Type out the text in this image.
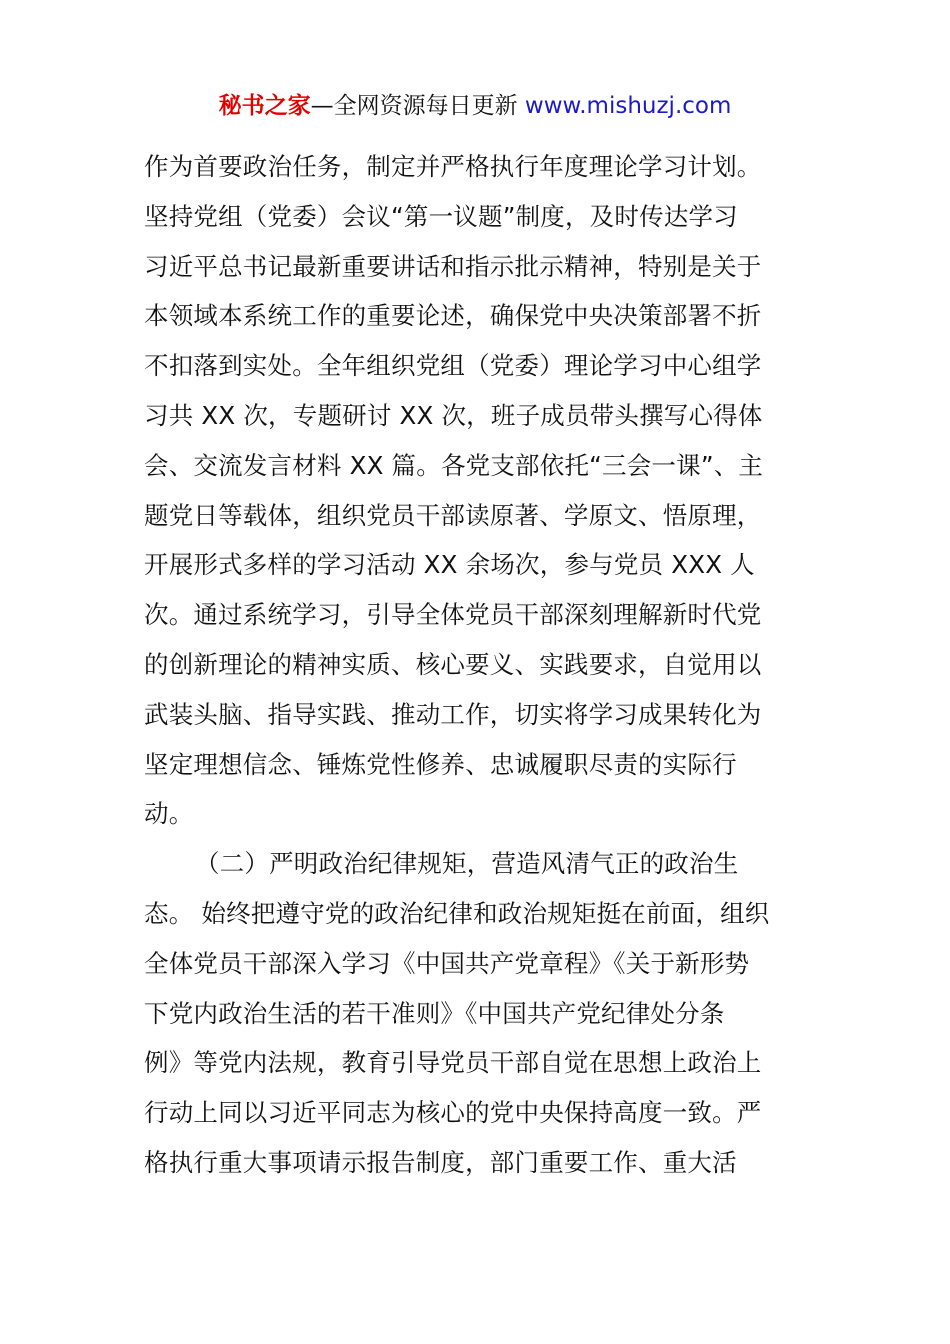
秘书之家—全网资源每日更新 www.mishuzj.com
作为首要政治任务，制定并严格执行年度理论学习计划。
坚持党组（党委）会议“第一议题”制度，及时传达学习
习近平总书记最新重要讲话和指示批示精神，特别是关于
本领域本系统工作的重要论述，确保党中央决策部署不折
不扣落到实处。全年组织党组（党委）理论学习中心组学
习共 XX 次，专题研讨 XX 次，班子成员带头撰写心得体
会、交流发言材料 XX 篇。各党支部依托“三会一课”、主
题党日等载体，组织党员干部读原著、学原文、悟原理，
开展形式多样的学习活动 XX 余场次，参与党员 XXX 人
次。通过系统学习，引导全体党员干部深刻理解新时代党
的创新理论的精神实质、核心要义、实践要求，自觉用以
武装头脑、指导实践、推动工作，切实将学习成果转化为
坚定理想信念、锤炼党性修养、忠诚履职尽责的实际行
动。
（二）严明政治纪律规矩，营造风清气正的政治生
态。 始终把遵守党的政治纪律和政治规矩挺在前面，组织
全体党员干部深入学习《中国共产党章程》《关于新形势
下党内政治生活的若干准则》《中国共产党纪律处分条
例》等党内法规，教育引导党员干部自觉在思想上政治上
行动上同以习近平同志为核心的党中央保持高度一致。严
格执行重大事项请示报告制度，部门重要工作、重大活
